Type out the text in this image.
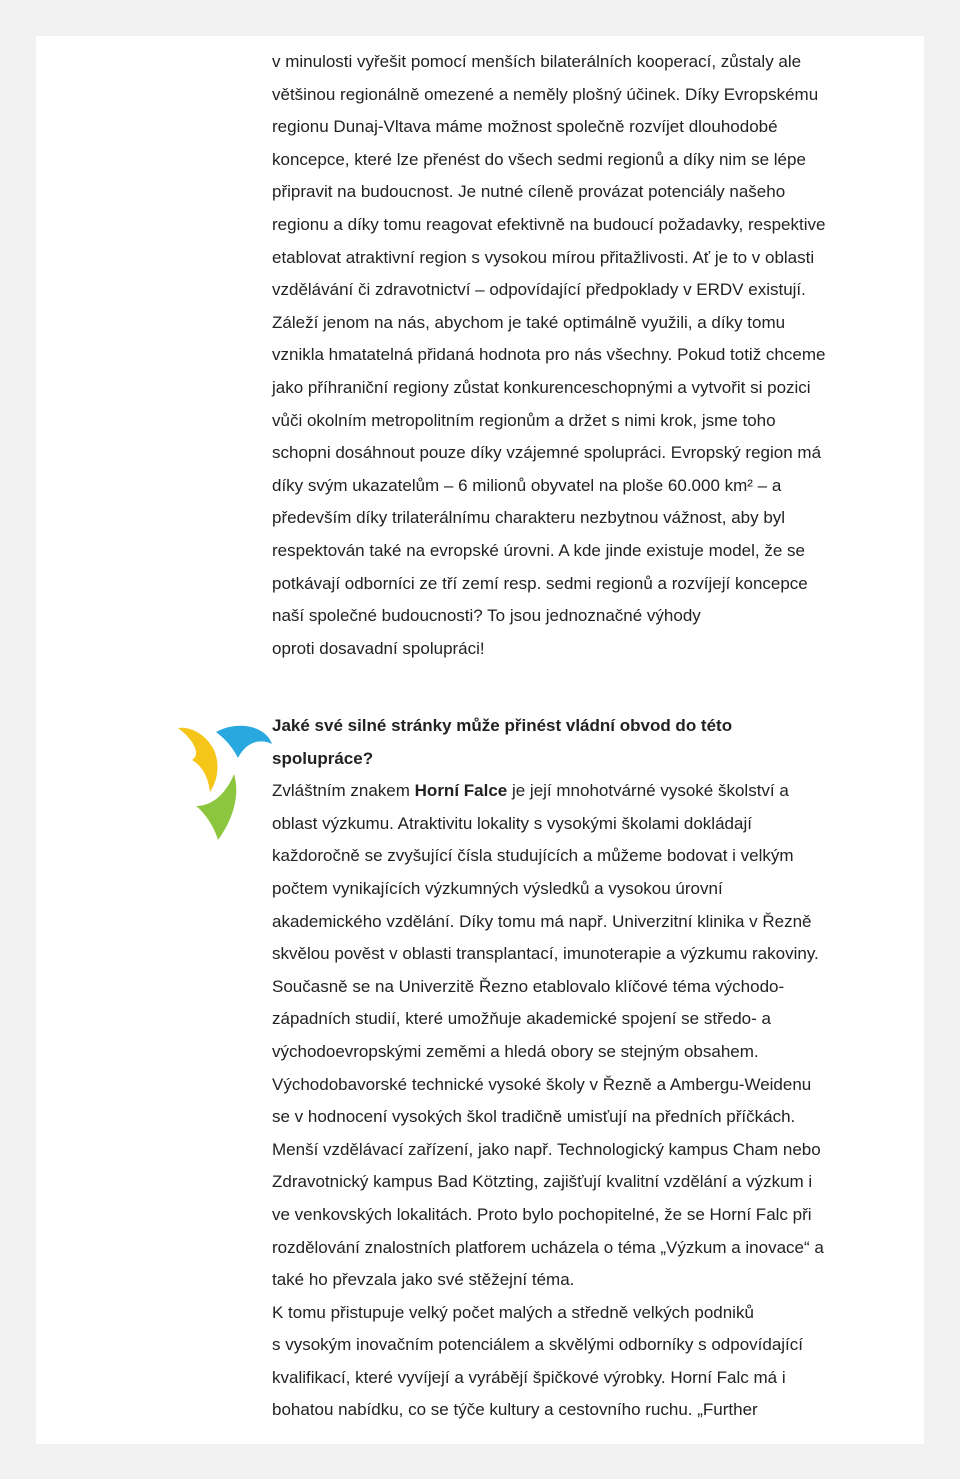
v minulosti vyřešit pomocí menších bilaterálních kooperací, zůstaly ale
většinou regionálně omezené a neměly plošný účinek. Díky Evropskému
regionu Dunaj-Vltava máme možnost společně rozvíjet dlouhodobé
koncepce, které lze přenést do všech sedmi regionů a díky nim se lépe
připravit na budoucnost. Je nutné cíleně provázat potenciály našeho
regionu a díky tomu reagovat efektivně na budoucí požadavky, respektive
etablovat atraktivní region s vysokou mírou přitažlivosti. Ať je to v oblasti
vzdělávání či zdravotnictví – odpovídající předpoklady v ERDV existují.
Záleží jenom na nás, abychom je také optimálně využili, a díky tomu
vznikla hmatatelná přidaná hodnota pro nás všechny. Pokud totiž chceme
jako příhraniční regiony zůstat konkurenceschopnými a vytvořit si pozici
vůči okolním metropolitním regionům a držet s nimi krok, jsme toho
schopni dosáhnout pouze díky vzájemné spolupráci. Evropský region má
díky svým ukazatelům – 6 milionů obyvatel na ploše 60.000 km² – a
především díky trilaterálnímu charakteru nezbytnou vážnost, aby byl
respektován také na evropské úrovni. A kde jinde existuje model, že se
potkávají odborníci ze tří zemí resp. sedmi regionů a rozvíjejí koncepce
naší společné budoucnosti? To jsou jednoznačné výhody
oproti dosavadní spolupráci!
Jaké své silné stránky může přinést vládní obvod do této
spolupráce?
Zvláštním znakem Horní Falce je její mnohotvárné vysoké školství a
oblast výzkumu. Atraktivitu lokality s vysokými školami dokládají
každoročně se zvyšující čísla studujících a můžeme bodovat i velkým
počtem vynikajících výzkumných výsledků a vysokou úrovní
akademického vzdělání. Díky tomu má např. Univerzitní klinika v Řezně
skvělou pověst v oblasti transplantací, imunoterapie a výzkumu rakoviny.
Současně se na Univerzitě Řezno etablovalo klíčové téma východo-
západních studií, které umožňuje akademické spojení se středo- a
východoevropskými zeměmi a hledá obory se stejným obsahem.
Východobavorské technické vysoké školy v Řezně a Ambergu-Weidenu
se v hodnocení vysokých škol tradičně umisťují na předních příčkách.
Menší vzdělávací zařízení, jako např. Technologický kampus Cham nebo
Zdravotnický kampus Bad Kötzting, zajišťují kvalitní vzdělání a výzkum i
ve venkovských lokalitách. Proto bylo pochopitelné, že se Horní Falc při
rozdělování znalostních platforem ucházela o téma „Výzkum a inovace“ a
také ho převzala jako své stěžejní téma.
K tomu přistupuje velký počet malých a středně velkých podniků
s vysokým inovačním potenciálem a skvělými odborníky s odpovídající
kvalifikací, které vyvíjejí a vyrábějí špičkové výrobky. Horní Falc má i
bohatou nabídku, co se týče kultury a cestovního ruchu. „Further
